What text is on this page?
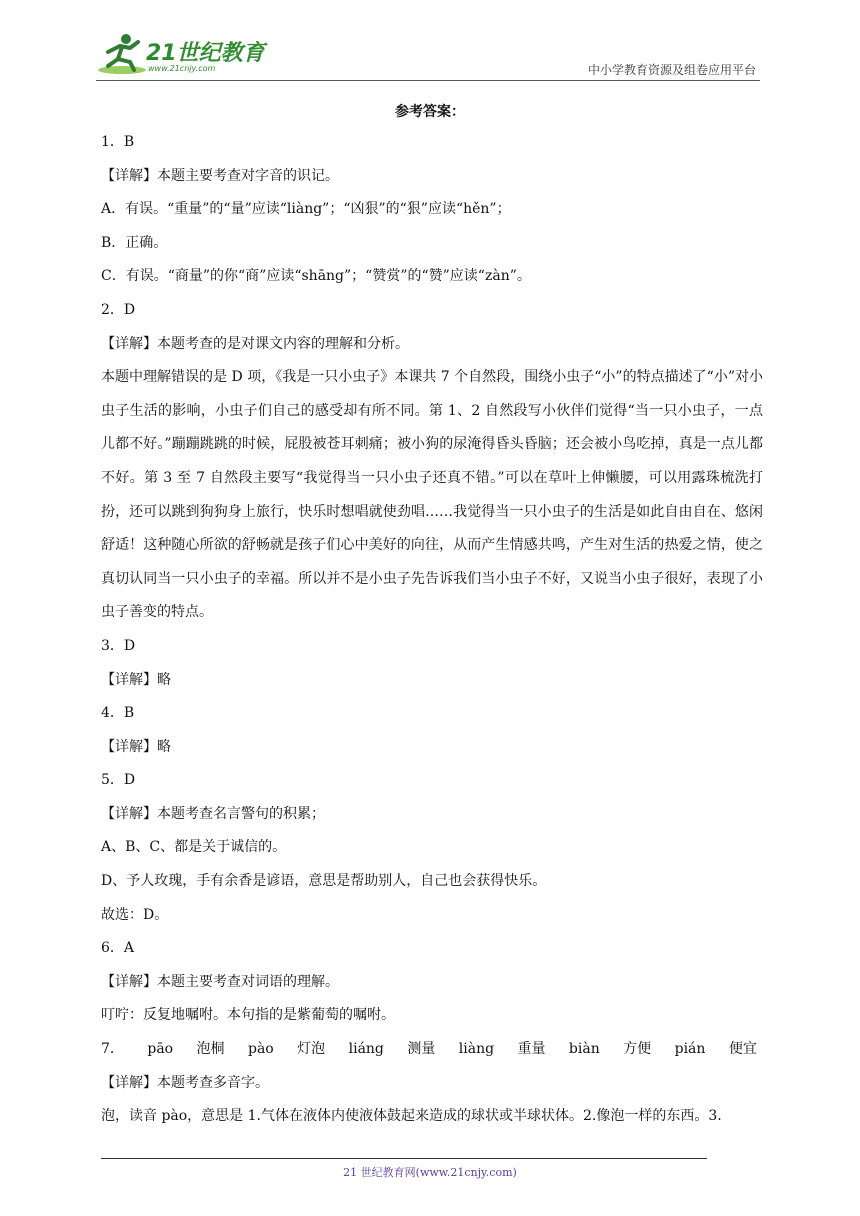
21世纪教育
www.21cnjy.com	中小学教育资源及组卷应用平台
参考答案：
1．B
【详解】本题主要考查对字音的识记。
A．有误。“重量”的“量”应读“liàng”；“凶狠”的“狠”应读“hěn”；
B．正确。
C．有误。“商量”的你“商”应读“shāng”；“赞赏”的“赞”应读“zàn”。
2．D
【详解】本题考查的是对课文内容的理解和分析。
本题中理解错误的是 D 项，《我是一只小虫子》本课共 7 个自然段，围绕小虫子“小”的特点描述了“小”对小虫子生活的影响，小虫子们自己的感受却有所不同。第 1、2 自然段写小伙伴们觉得“当一只小虫子，一点儿都不好。”蹦蹦跳跳的时候，屁股被苍耳刺痛；被小狗的尿淹得昏头昏脑；还会被小鸟吃掉，真是一点儿都不好。第 3 至 7 自然段主要写“我觉得当一只小虫子还真不错。”可以在草叶上伸懒腰，可以用露珠梳洗打扮，还可以跳到狗狗身上旅行，快乐时想唱就使劲唱……我觉得当一只小虫子的生活是如此自由自在、悠闲舒适！这种随心所欲的舒畅就是孩子们心中美好的向往，从而产生情感共鸣，产生对生活的热爱之情，使之真切认同当一只小虫子的幸福。所以并不是小虫子先告诉我们当小虫子不好，又说当小虫子很好，表现了小虫子善变的特点。
3．D
【详解】略
4．B
【详解】略
5．D
【详解】本题考查名言警句的积累；
A、B、C、都是关于诚信的。
D、予人玫瑰，手有余香是谚语，意思是帮助别人，自己也会获得快乐。
故选：D。
6．A
【详解】本题主要考查对词语的理解。
叮咛：反复地嘱咐。本句指的是紫葡萄的嘱咐。
7． pāo 泡桐 pào 灯泡 liáng 测量 liàng 重量 biàn 方便 pián 便宜
【详解】本题考查多音字。
泡，读音 pào，意思是 1.气体在液体内使液体鼓起来造成的球状或半球状体。2.像泡一样的东西。3.
21 世纪教育网(www.21cnjy.com)
